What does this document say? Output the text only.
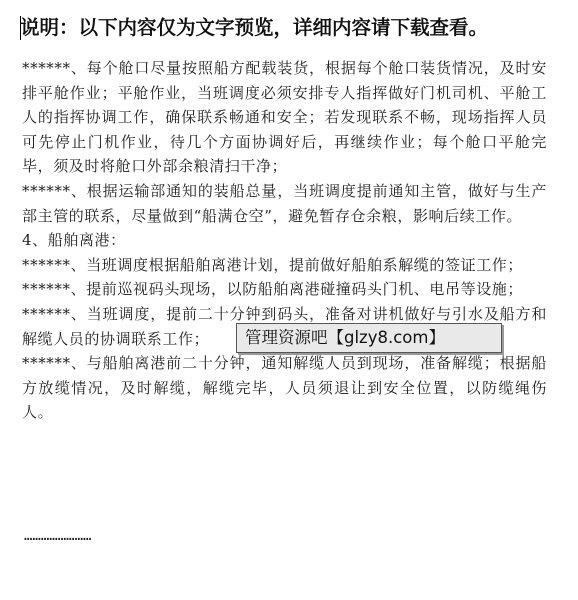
说明：以下内容仅为文字预览，详细内容请下载查看。

******、每个舱口尽量按照船方配载装货，根据每个舱口装货情况，及时安排平舱作业；平舱作业，当班调度必须安排专人指挥做好门机司机、平舱工人的指挥协调工作，确保联系畅通和安全；若发现联系不畅，现场指挥人员可先停止门机作业，待几个方面协调好后，再继续作业；每个舱口平舱完毕，须及时将舱口外部余粮清扫干净；

******、根据运输部通知的装船总量，当班调度提前通知主管，做好与生产部主管的联系，尽量做到“船满仓空”，避免暂存仓余粮，影响后续工作。

4、船舶离港：

******、当班调度根据船舶离港计划，提前做好船舶系解缆的签证工作；

******、提前巡视码头现场，以防船舶离港碰撞码头门机、电吊等设施；

******、当班调度，提前二十分钟到码头，准备对讲机做好与引水及船方和解缆人员的协调联系工作；

******、与船舶离港前二十分钟，通知解缆人员到现场，准备解缆；根据船方放缆情况，及时解缆，解缆完毕，人员须退让到安全位置，以防缆绳伤人。

……………………
管理资源吧【glzy8.com】
